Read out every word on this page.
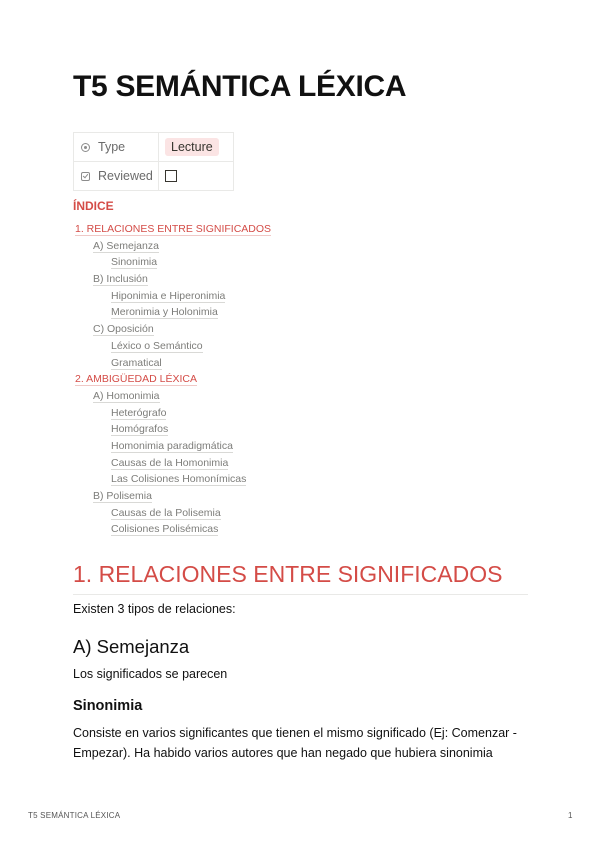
T5 SEMÁNTICA LÉXICA
Type	Lecture

Reviewed	

ÍNDICE
1. RELACIONES ENTRE SIGNIFICADOS
A) Semejanza
Sinonimia
B) Inclusión
Hiponimia e Hiperonimia
Meronimia y Holonimia
C) Oposición
Léxico o Semántico
Gramatical
2. AMBIGÜEDAD LÉXICA
A) Homonimia
Heterógrafo
Homógrafos
Homonimia paradigmática
Causas de la Homonimia
Las Colisiones Homonímicas
B) Polisemia
Causas de la Polisemia
Colisiones Polisémicas
1. RELACIONES ENTRE SIGNIFICADOS

Existen 3 tipos de relaciones:

A) Semejanza

Los significados se parecen

Sinonimia

Consiste en varios significantes que tienen el mismo significado (Ej: Comenzar - Empezar). Ha habido varios autores que han negado que hubiera sinonimia

T5 SEMÁNTICA LÉXICA	1
